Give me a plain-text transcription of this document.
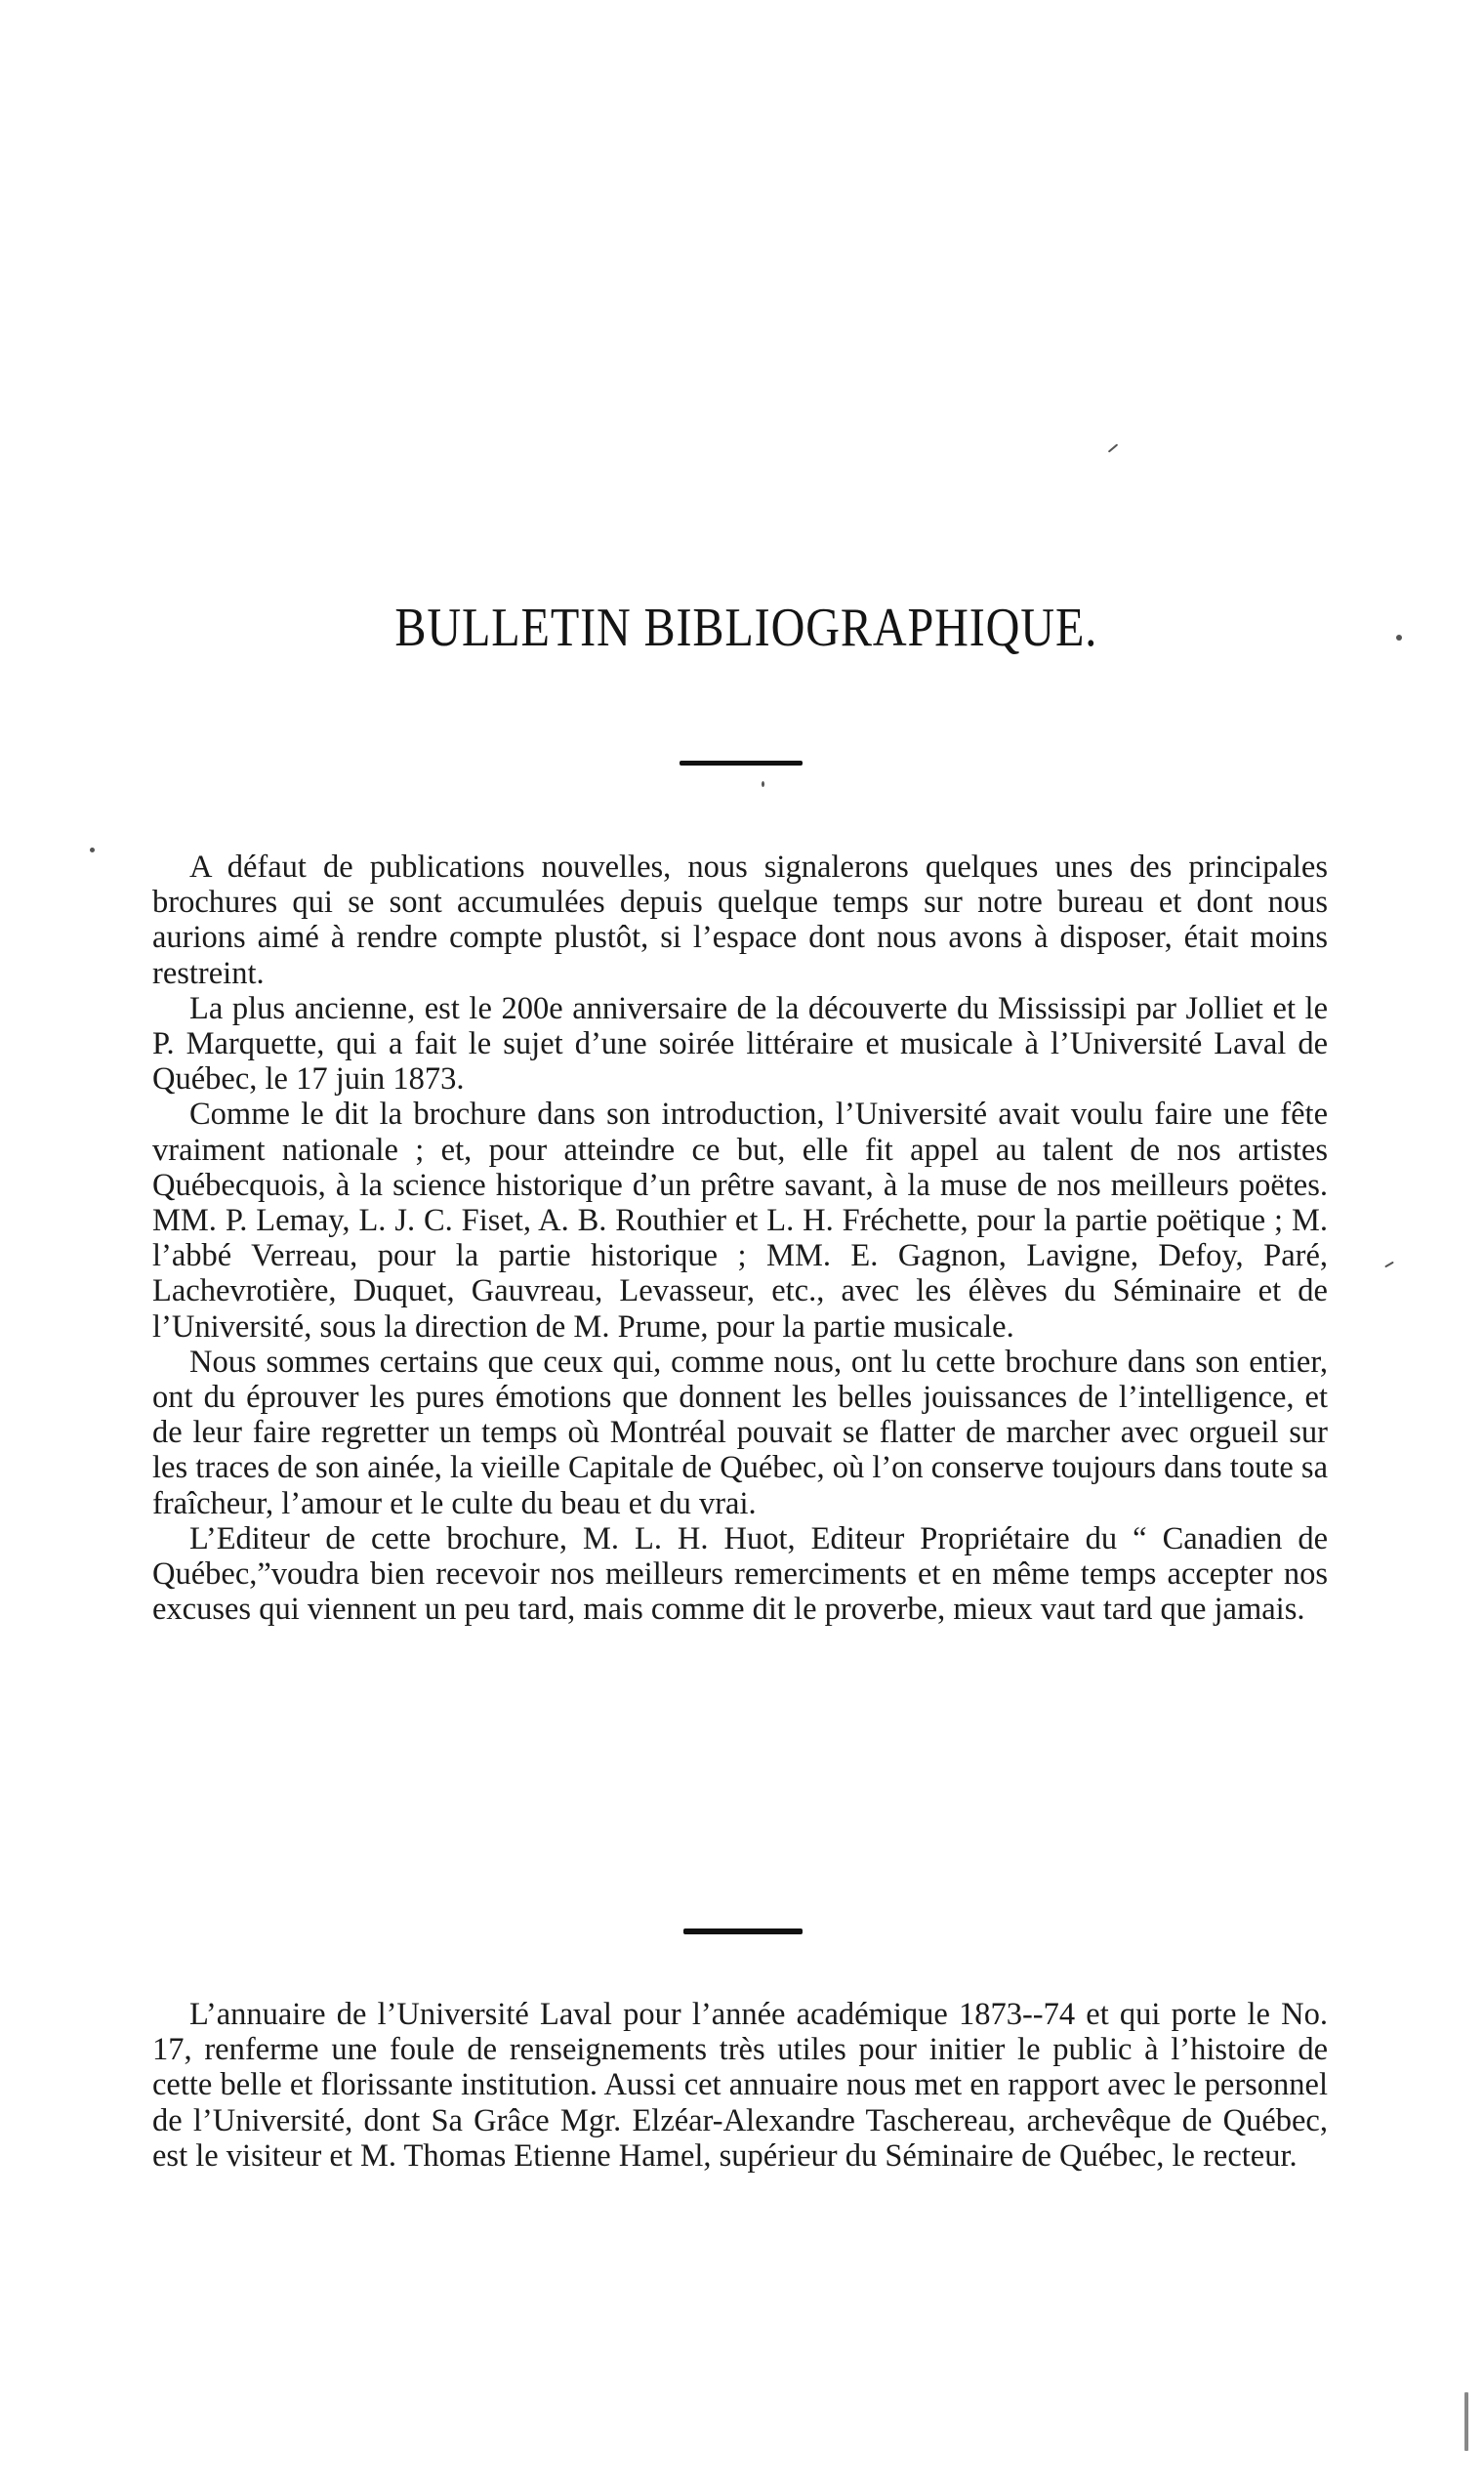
BULLETIN BIBLIOGRAPHIQUE.

A défaut de publications nouvelles, nous signalerons quelques unes des principales brochures qui se sont accumulées depuis quelque temps sur notre bureau et dont nous aurions aimé à rendre compte plustôt, si l’espace dont nous avons à disposer, était moins restreint.

La plus ancienne, est le 200e anniversaire de la découverte du Mississipi par Jolliet et le P. Marquette, qui a fait le sujet d’une soirée littéraire et musicale à l’Université Laval de Québec, le 17 juin 1873.

Comme le dit la brochure dans son introduction, l’Université avait voulu faire une fête vraiment nationale ; et, pour atteindre ce but, elle fit appel au talent de nos artistes Québecquois, à la science historique d’un prêtre savant, à la muse de nos meilleurs poëtes. MM. P. Lemay, L. J. C. Fiset, A. B. Routhier et L. H. Fréchette, pour la partie poëtique ; M. l’abbé Verreau, pour la partie historique ; MM. E. Gagnon, Lavigne, Defoy, Paré, Lachevrotière, Duquet, Gauvreau, Levasseur, etc., avec les élèves du Séminaire et de l’Université, sous la direction de M. Prume, pour la partie musicale.

Nous sommes certains que ceux qui, comme nous, ont lu cette brochure dans son entier, ont du éprouver les pures émotions que donnent les belles jouissances de l’intelligence, et de leur faire regretter un temps où Montréal pouvait se flatter de marcher avec orgueil sur les traces de son ainée, la vieille Capitale de Québec, où l’on conserve toujours dans toute sa fraîcheur, l’amour et le culte du beau et du vrai.

L’Editeur de cette brochure, M. L. H. Huot, Editeur Propriétaire du “ Canadien de Québec,”voudra bien recevoir nos meilleurs remerciments et en même temps accepter nos excuses qui viennent un peu tard, mais comme dit le proverbe, mieux vaut tard que jamais.

L’annuaire de l’Université Laval pour l’année académique 1873--74 et qui porte le No. 17, renferme une foule de renseignements très utiles pour initier le public à l’histoire de cette belle et florissante institution. Aussi cet annuaire nous met en rapport avec le personnel de l’Université, dont Sa Grâce Mgr. Elzéar-Alexandre Taschereau, archevêque de Québec, est le visiteur et M. Thomas Etienne Hamel, supérieur du Séminaire de Québec, le recteur.
